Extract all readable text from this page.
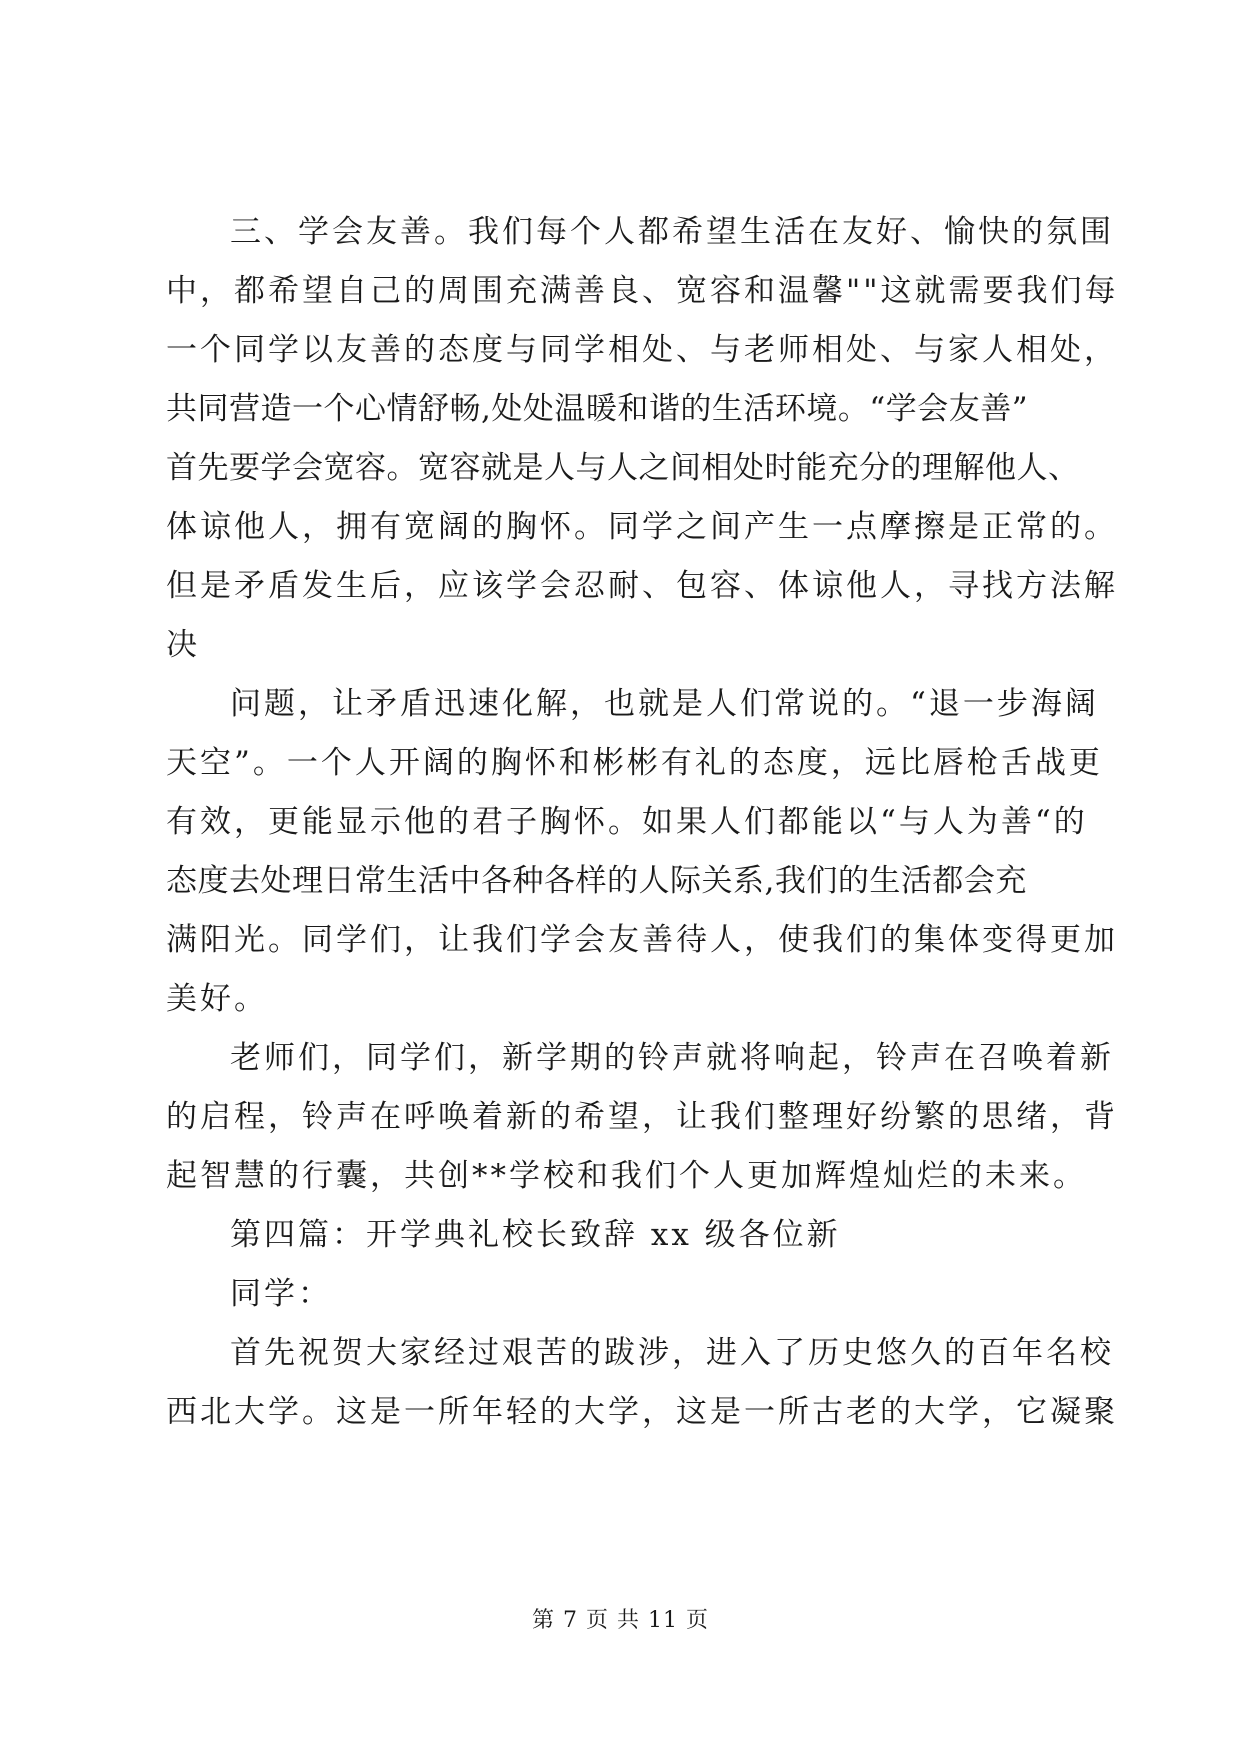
三、学会友善。我们每个人都希望生活在友好、愉快的氛围
中，都希望自己的周围充满善良、宽容和温馨""这就需要我们每
一个同学以友善的态度与同学相处、与老师相处、与家人相处，
共同营造一个心情舒畅,处处温暖和谐的生活环境。“学会友善”
首先要学会宽容。宽容就是人与人之间相处时能充分的理解他人、
体谅他人，拥有宽阔的胸怀。同学之间产生一点摩擦是正常的。
但是矛盾发生后，应该学会忍耐、包容、体谅他人，寻找方法解
决
问题，让矛盾迅速化解，也就是人们常说的。“退一步海阔
天空”。一个人开阔的胸怀和彬彬有礼的态度，远比唇枪舌战更
有效，更能显示他的君子胸怀。如果人们都能以“与人为善“的
态度去处理日常生活中各种各样的人际关系,我们的生活都会充
满阳光。同学们，让我们学会友善待人，使我们的集体变得更加
美好。
老师们，同学们，新学期的铃声就将响起，铃声在召唤着新
的启程，铃声在呼唤着新的希望，让我们整理好纷繁的思绪，背
起智慧的行囊，共创**学校和我们个人更加辉煌灿烂的未来。
第四篇：开学典礼校长致辞 xx 级各位新
同学：
首先祝贺大家经过艰苦的跋涉，进入了历史悠久的百年名校
西北大学。这是一所年轻的大学，这是一所古老的大学，它凝聚
第 7 页 共 11 页
